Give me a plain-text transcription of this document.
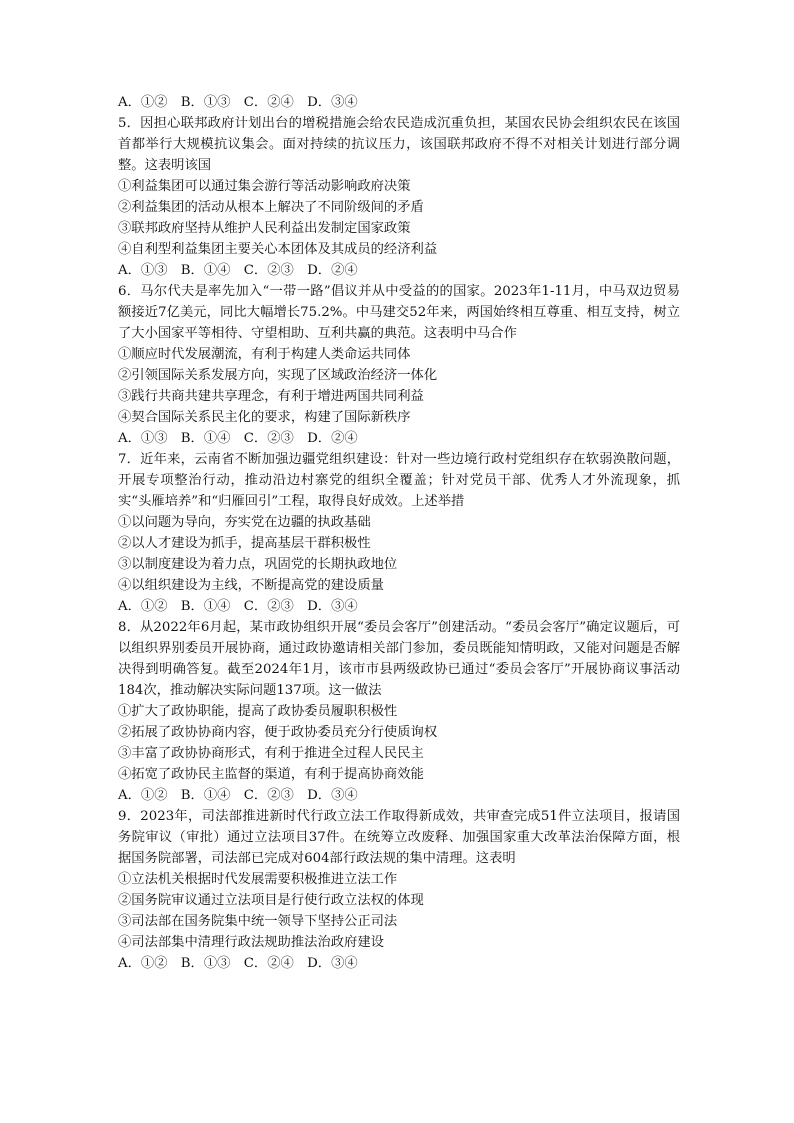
A．①②　B．①③　C．②④　D．③④
5．因担心联邦政府计划出台的增税措施会给农民造成沉重负担，某国农民协会组织农民在该国首都举行大规模抗议集会。面对持续的抗议压力，该国联邦政府不得不对相关计划进行部分调整。这表明该国
①利益集团可以通过集会游行等活动影响政府决策
②利益集团的活动从根本上解决了不同阶级间的矛盾
③联邦政府坚持从维护人民利益出发制定国家政策
④自利型利益集团主要关心本团体及其成员的经济利益
A．①③　B．①④　C．②③　D．②④
6．马尔代夫是率先加入“一带一路”倡议并从中受益的的国家。2023年1-11月，中马双边贸易额接近7亿美元，同比大幅增长75.2%。中马建交52年来，两国始终相互尊重、相互支持，树立了大小国家平等相待、守望相助、互利共赢的典范。这表明中马合作
①顺应时代发展潮流，有利于构建人类命运共同体
②引领国际关系发展方向，实现了区域政治经济一体化
③践行共商共建共享理念，有利于增进两国共同利益
④契合国际关系民主化的要求，构建了国际新秩序
A．①③　B．①④　C．②③　D．②④
7．近年来，云南省不断加强边疆党组织建设：针对一些边境行政村党组织存在软弱涣散问题，开展专项整治行动，推动沿边村寨党的组织全覆盖；针对党员干部、优秀人才外流现象，抓实“头雁培养”和“归雁回引”工程，取得良好成效。上述举措
①以问题为导向，夯实党在边疆的执政基础
②以人才建设为抓手，提高基层干群积极性
③以制度建设为着力点，巩固党的长期执政地位
④以组织建设为主线，不断提高党的建设质量
A．①②　B．①④　C．②③　D．③④
8．从2022年6月起，某市政协组织开展“委员会客厅”创建活动。“委员会客厅”确定议题后，可以组织界别委员开展协商，通过政协邀请相关部门参加，委员既能知情明政，又能对问题是否解决得到明确答复。截至2024年1月，该市市县两级政协已通过“委员会客厅”开展协商议事活动184次，推动解决实际问题137项。这一做法
①扩大了政协职能，提高了政协委员履职积极性
②拓展了政协协商内容，便于政协委员充分行使质询权
③丰富了政协协商形式，有利于推进全过程人民民主
④拓宽了政协民主监督的渠道，有利于提高协商效能
A．①②　B．①④　C．②③　D．③④
9．2023年，司法部推进新时代行政立法工作取得新成效，共审查完成51件立法项目，报请国务院审议（审批）通过立法项目37件。在统筹立改废释、加强国家重大改革法治保障方面，根据国务院部署，司法部已完成对604部行政法规的集中清理。这表明
①立法机关根据时代发展需要积极推进立法工作
②国务院审议通过立法项目是行使行政立法权的体现
③司法部在国务院集中统一领导下坚持公正司法
④司法部集中清理行政法规助推法治政府建设
A．①②　B．①③　C．②④　D．③④
